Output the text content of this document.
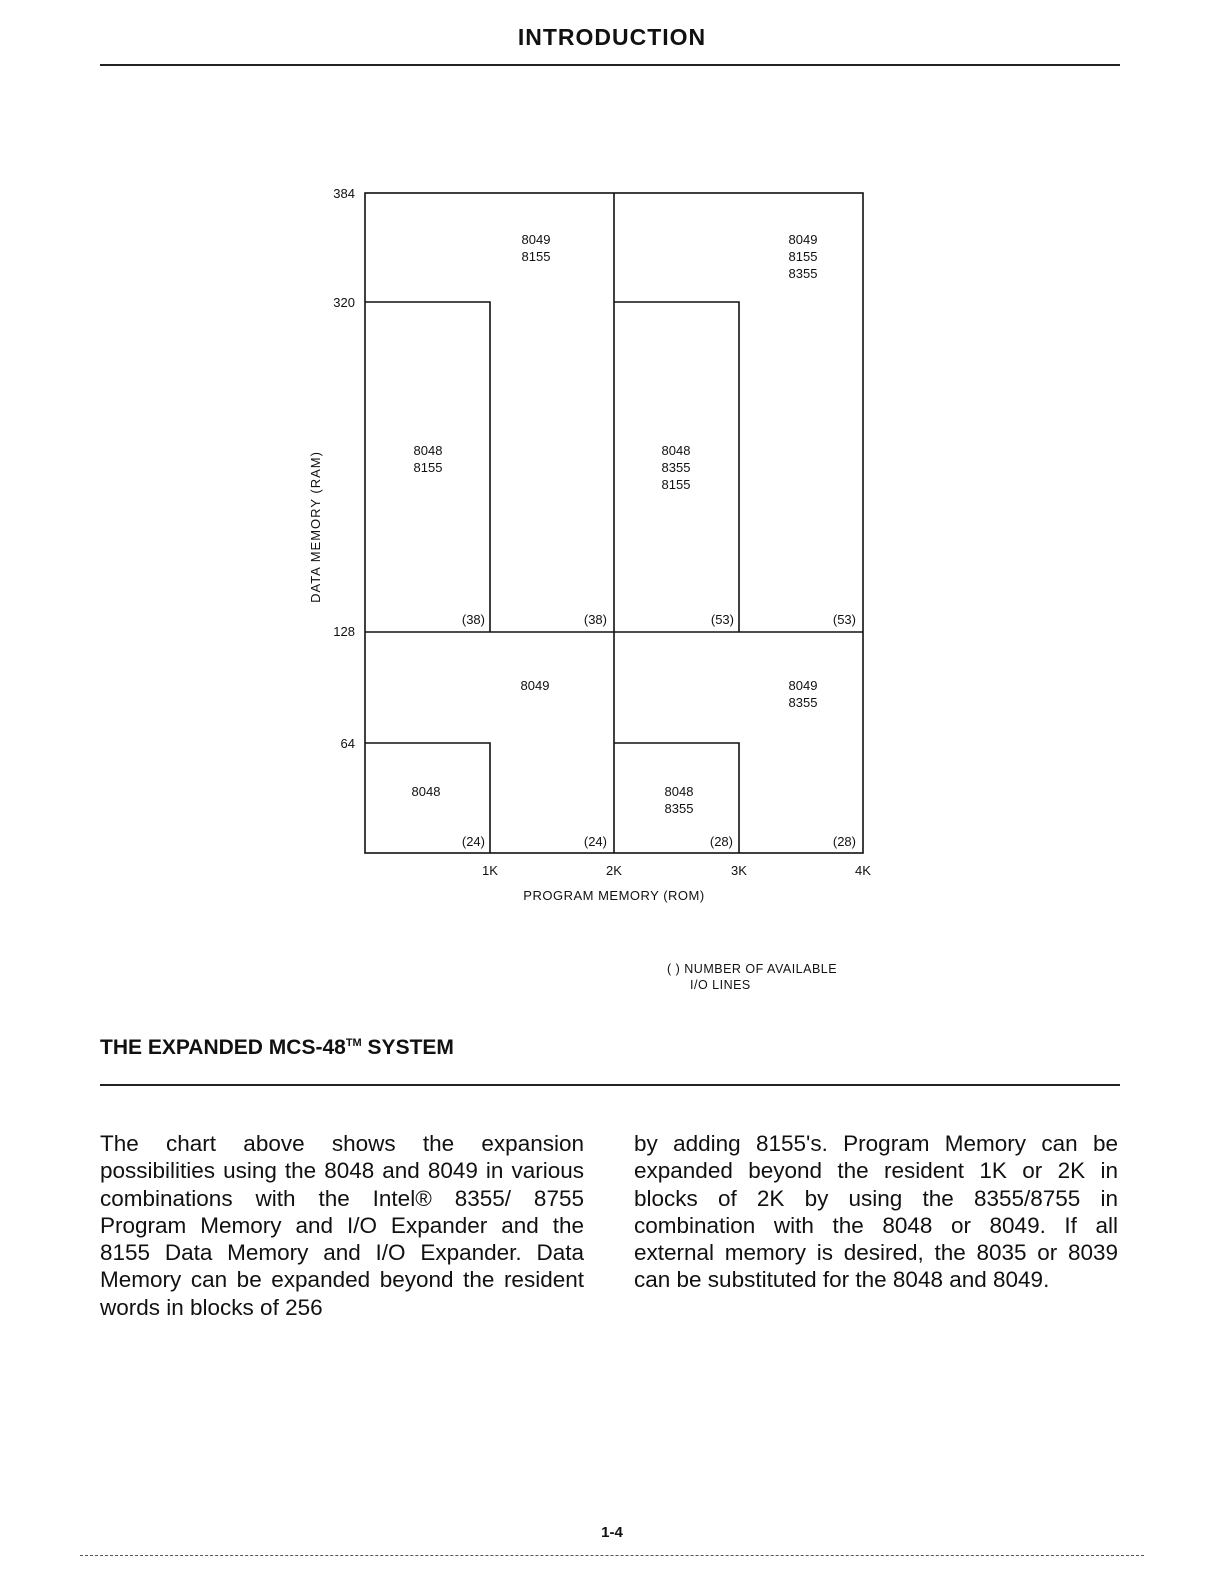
INTRODUCTION
384
320
128
64
DATA MEMORY (RAM)
1K	2K	3K	4K
PROGRAM MEMORY (ROM)
8049
8155
(38)
8049
8155
8355
(53)
8048
8155
(38)
8048
8355
8155
(53)
8049
(24)
8049
8355
(28)
8048
(24)
8048
8355
(28)
( ) NUMBER OF AVAILABLE
I/O LINES
THE EXPANDED MCS-48™ SYSTEM

The chart above shows the expansion possibilities using the 8048 and 8049 in various combinations with the Intel® 8355/ 8755 Program Memory and I/O Expander and the 8155 Data Memory and I/O Expander. Data Memory can be expanded beyond the resident words in blocks of 256

by adding 8155's. Program Memory can be expanded beyond the resident 1K or 2K in blocks of 2K by using the 8355/8755 in combination with the 8048 or 8049. If all external memory is desired, the 8035 or 8039 can be substituted for the 8048 and 8049.

1-4
